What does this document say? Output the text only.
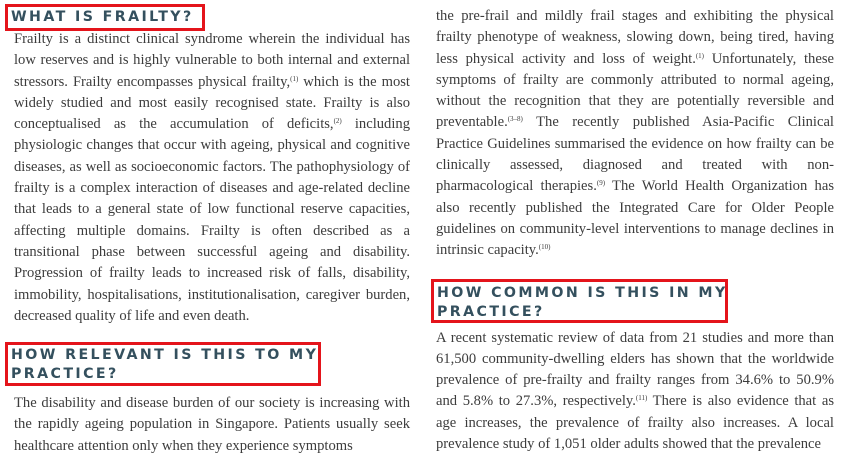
Frailty is a distinct clinical syndrome wherein the individual has low reserves and is highly vulnerable to both internal and external stressors. Frailty encompasses physical frailty,$^{(1)}$ which is the most widely studied and most easily recognised state. Frailty is also conceptualised as the accumulation of deficits,$^{(2)}$ including physiologic changes that occur with ageing, physical and cognitive diseases, as well as socioeconomic factors. The pathophysiology of frailty is a complex interaction of diseases and age-related decline that leads to a general state of low functional reserve capacities, affecting multiple domains. Frailty is often described as a transitional phase between successful ageing and disability. Progression of frailty leads to increased risk of falls, disability, immobility, hospitalisations, institutionalisation, caregiver burden, decreased quality of life and even death.

The disability and disease burden of our society is increasing with the rapidly ageing population in Singapore. Patients usually seek healthcare attention only when they experience symptoms

WHAT IS FRAILTY?
HOW RELEVANT IS THIS TO MY
PRACTICE?

the pre-frail and mildly frail stages and exhibiting the physical frailty phenotype of weakness, slowing down, being tired, having less physical activity and loss of weight.$^{(1)}$ Unfortunately, these symptoms of frailty are commonly attributed to normal ageing, without the recognition that they are potentially reversible and preventable.$^{(3-8)}$ The recently published Asia-Pacific Clinical Practice Guidelines summarised the evidence on how frailty can be clinically assessed, diagnosed and treated with non-pharmacological therapies.$^{(9)}$ The World Health Organization has also recently published the Integrated Care for Older People guidelines on community-level interventions to manage declines in intrinsic capacity.$^{(10)}$

A recent systematic review of data from 21 studies and more than 61,500 community-dwelling elders has shown that the worldwide prevalence of pre-frailty and frailty ranges from 34.6% to 50.9% and 5.8% to 27.3%, respectively.$^{(11)}$ There is also evidence that as age increases, the prevalence of frailty also increases. A local prevalence study of 1,051 older adults showed that the prevalence

HOW COMMON IS THIS IN MY
PRACTICE?
